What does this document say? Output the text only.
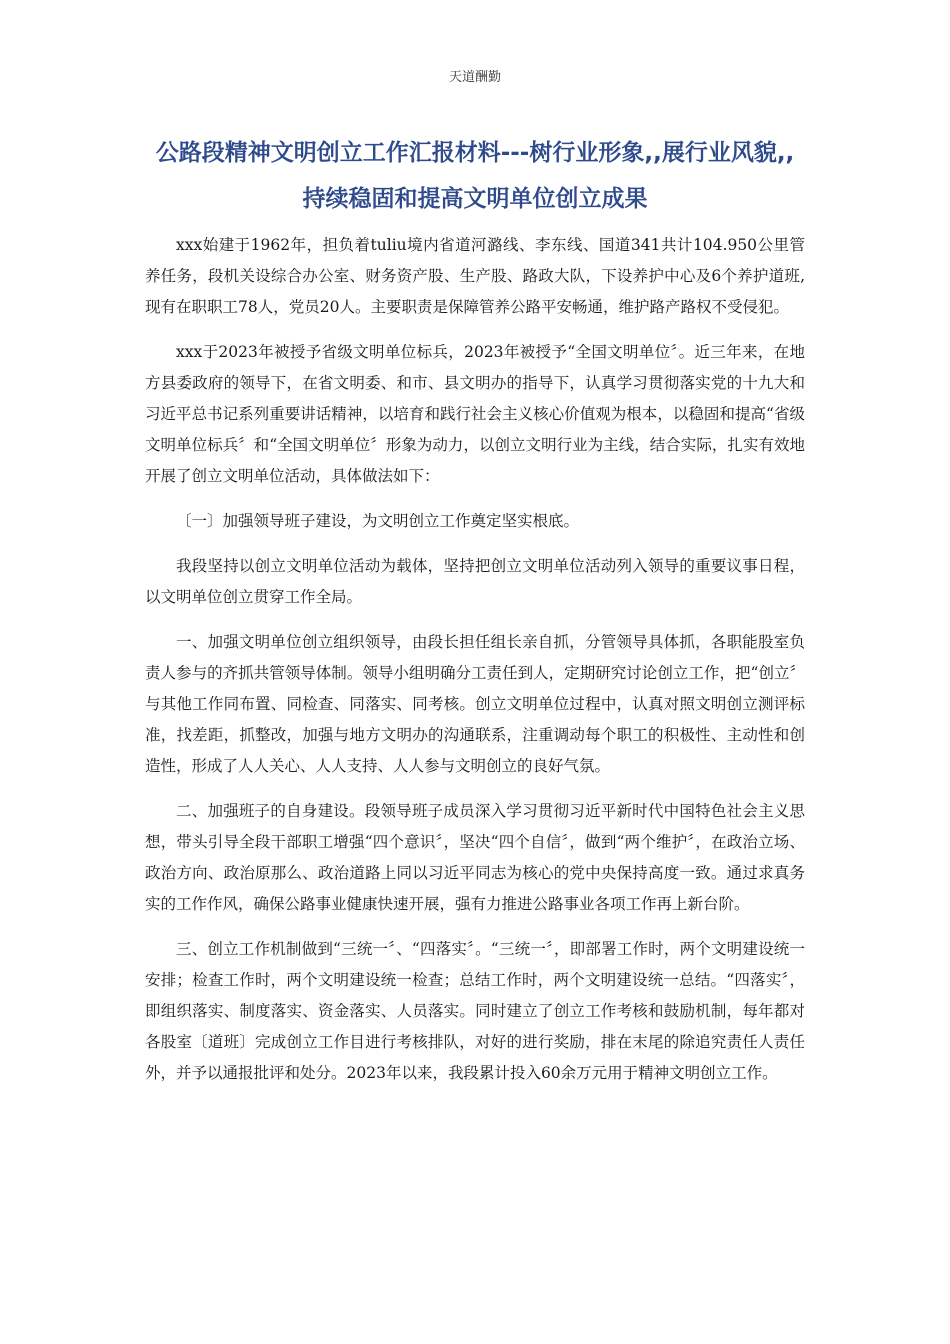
天道酬勤
公路段精神文明创立工作汇报材料---树行业形象,,展行业风貌,,持续稳固和提高文明单位创立成果

xxx始建于1962年，担负着tuliu境内省道河潞线、李东线、国道341共计104.950公里管养任务，段机关设综合办公室、财务资产股、生产股、路政大队，下设养护中心及6个养护道班,现有在职职工78人，党员20人。主要职责是保障管养公路平安畅通，维护路产路权不受侵犯。

xxx于2023年被授予省级文明单位标兵，2023年被授予“全国文明单位〞。近三年来，在地方县委政府的领导下，在省文明委、和市、县文明办的指导下，认真学习贯彻落实党的十九大和习近平总书记系列重要讲话精神，以培育和践行社会主义核心价值观为根本，以稳固和提高“省级文明单位标兵〞和“全国文明单位〞形象为动力，以创立文明行业为主线，结合实际，扎实有效地开展了创立文明单位活动，具体做法如下：

〔一〕加强领导班子建设，为文明创立工作奠定坚实根底。

我段坚持以创立文明单位活动为载体，坚持把创立文明单位活动列入领导的重要议事日程，以文明单位创立贯穿工作全局。

一、加强文明单位创立组织领导，由段长担任组长亲自抓，分管领导具体抓，各职能股室负责人参与的齐抓共管领导体制。领导小组明确分工责任到人，定期研究讨论创立工作，把“创立〞与其他工作同布置、同检查、同落实、同考核。创立文明单位过程中，认真对照文明创立测评标准，找差距，抓整改，加强与地方文明办的沟通联系，注重调动每个职工的积极性、主动性和创造性，形成了人人关心、人人支持、人人参与文明创立的良好气氛。

二、加强班子的自身建设。段领导班子成员深入学习贯彻习近平新时代中国特色社会主义思想，带头引导全段干部职工增强“四个意识〞，坚决“四个自信〞，做到“两个维护〞，在政治立场、政治方向、政治原那么、政治道路上同以习近平同志为核心的党中央保持高度一致。通过求真务实的工作作风，确保公路事业健康快速开展，强有力推进公路事业各项工作再上新台阶。

三、创立工作机制做到“三统一〞、“四落实〞。“三统一〞，即部署工作时，两个文明建设统一安排；检查工作时，两个文明建设统一检查；总结工作时，两个文明建设统一总结。“四落实〞，即组织落实、制度落实、资金落实、人员落实。同时建立了创立工作考核和鼓励机制，每年都对各股室〔道班〕完成创立工作目进行考核排队，对好的进行奖励，排在末尾的除追究责任人责任外，并予以通报批评和处分。2023年以来，我段累计投入60余万元用于精神文明创立工作。
